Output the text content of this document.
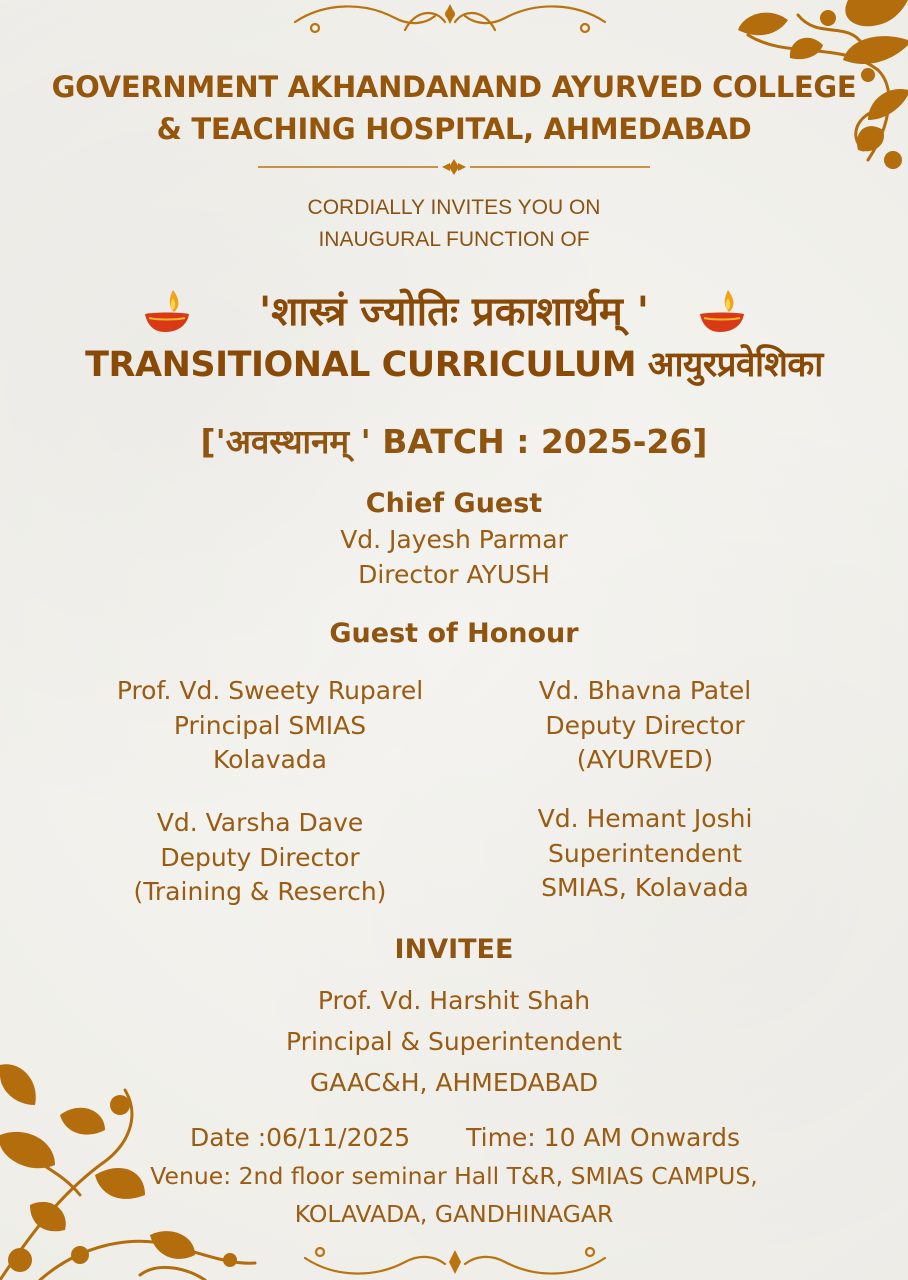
GOVERNMENT AKHANDANAND AYURVED COLLEGE
& TEACHING HOSPITAL, AHMEDABAD
CORDIALLY INVITES YOU ON
INAUGURAL FUNCTION OF
'शास्त्रं ज्योतिः प्रकाशार्थम् '
TRANSITIONAL CURRICULUM आयुरप्रवेशिका
['अवस्थानम् ' BATCH : 2025-26]
Chief Guest
Vd. Jayesh Parmar
Director AYUSH
Guest of Honour
Prof. Vd. Sweety Ruparel
Principal SMIAS
Kolavada
Vd. Bhavna Patel
Deputy Director
(AYURVED)
Vd. Varsha Dave
Deputy Director
(Training & Reserch)
Vd. Hemant Joshi
Superintendent
SMIAS, Kolavada
INVITEE
Prof. Vd. Harshit Shah
Principal & Superintendent
GAAC&H, AHMEDABAD
Date :06/11/2025 Time: 10 AM Onwards
Venue: 2nd floor seminar Hall T&R, SMIAS CAMPUS,
KOLAVADA, GANDHINAGAR
